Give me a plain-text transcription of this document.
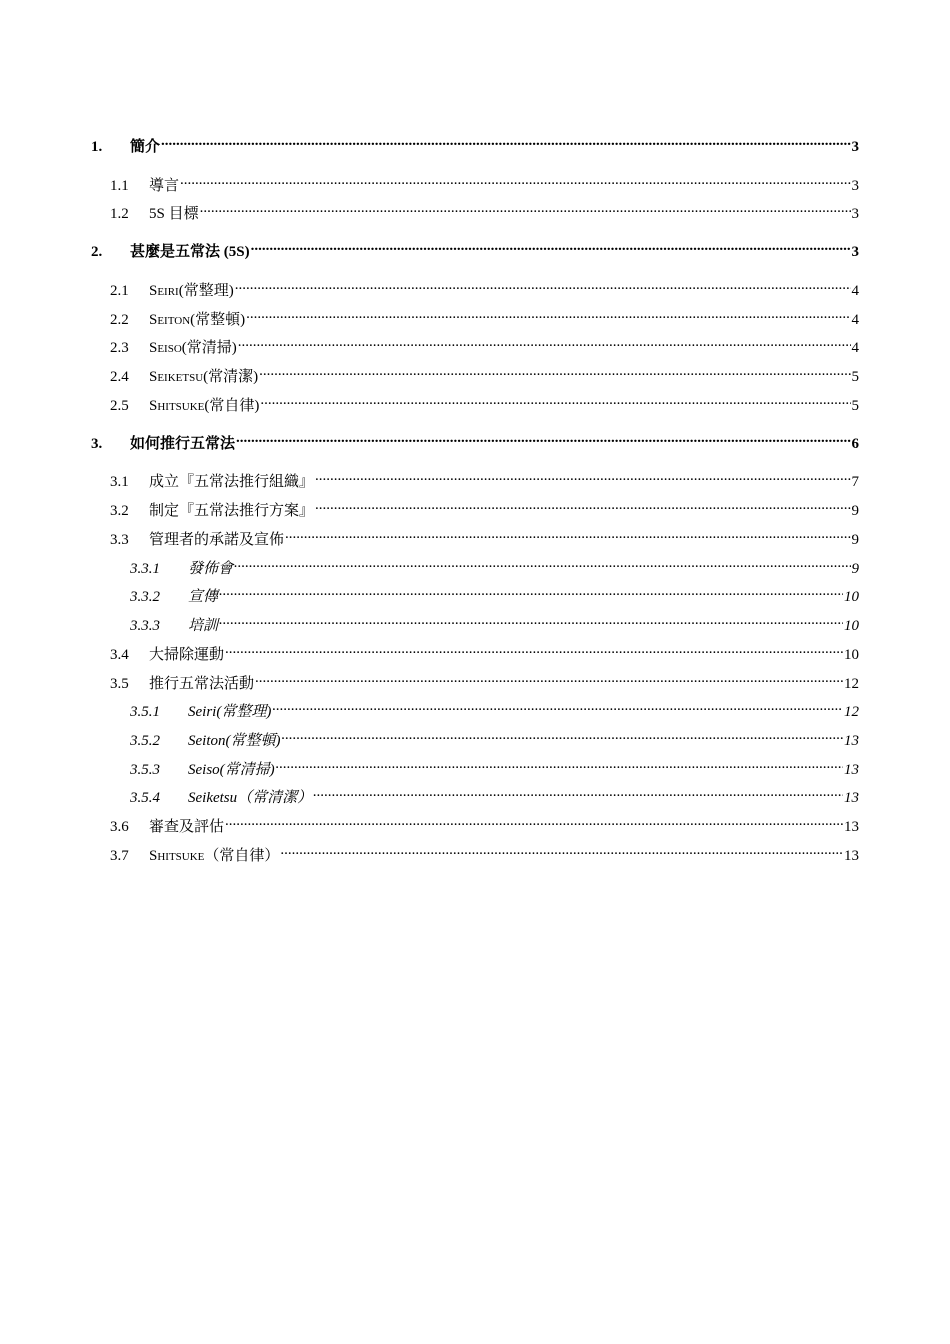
1.	簡介 .....	3
1.1	導言 .....	3
1.2	5S 目標 .....	3
2.	甚麼是五常法 (5S) .....	3
2.1	Seiri(常整理) .....	4
2.2	Seiton(常整頓) .....	4
2.3	Seiso(常清掃) .....	4
2.4	Seiketsu(常清潔) .....	5
2.5	Shitsuke(常自律) .....	5
3.	如何推行五常法 .....	6
3.1	成立『五常法推行組織』 .....	7
3.2	制定『五常法推行方案』 .....	9
3.3	管理者的承諾及宣佈 .....	9
3.3.1	發佈會 .....	9
3.3.2	宣傳 .....	10
3.3.3	培訓 .....	10
3.4	大掃除運動 .....	10
3.5	推行五常法活動 .....	12
3.5.1	Seiri(常整理) .....	12
3.5.2	Seiton(常整頓) .....	13
3.5.3	Seiso(常清掃) .....	13
3.5.4	Seiketsu（常清潔） .....	13
3.6	審查及評估 .....	13
3.7	Shitsuke（常自律） .....	13
